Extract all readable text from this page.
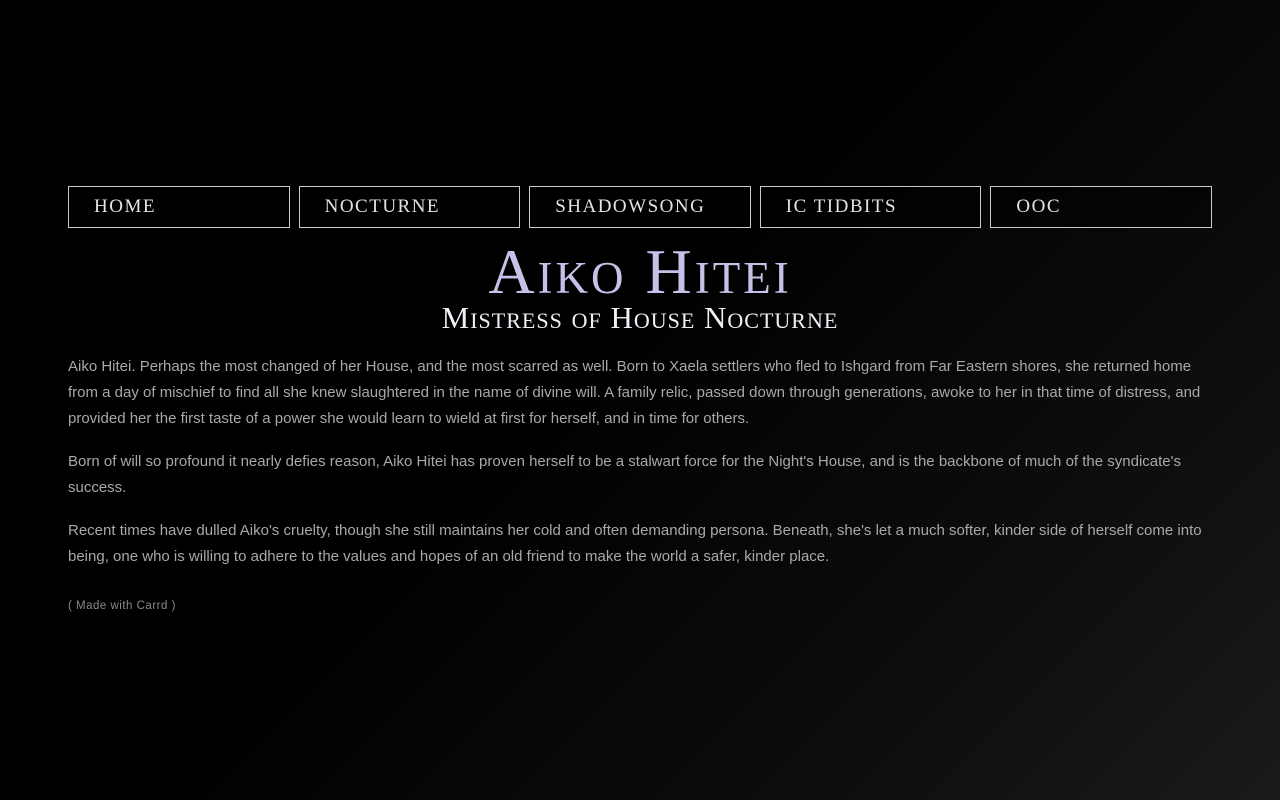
HOME	NOCTURNE	SHADOWSONG	IC TIDBITS	OOC
Aiko Hitei
Mistress of House Nocturne

Aiko Hitei. Perhaps the most changed of her House, and the most scarred as well. Born to Xaela settlers who fled to Ishgard from Far Eastern shores, she returned home from a day of mischief to find all she knew slaughtered in the name of divine will. A family relic, passed down through generations, awoke to her in that time of distress, and provided her the first taste of a power she would learn to wield at first for herself, and in time for others.

Born of will so profound it nearly defies reason, Aiko Hitei has proven herself to be a stalwart force for the Night's House, and is the backbone of much of the syndicate's success.

Recent times have dulled Aiko's cruelty, though she still maintains her cold and often demanding persona. Beneath, she's let a much softer, kinder side of herself come into being, one who is willing to adhere to the values and hopes of an old friend to make the world a safer, kinder place.

( Made with Carrd )
